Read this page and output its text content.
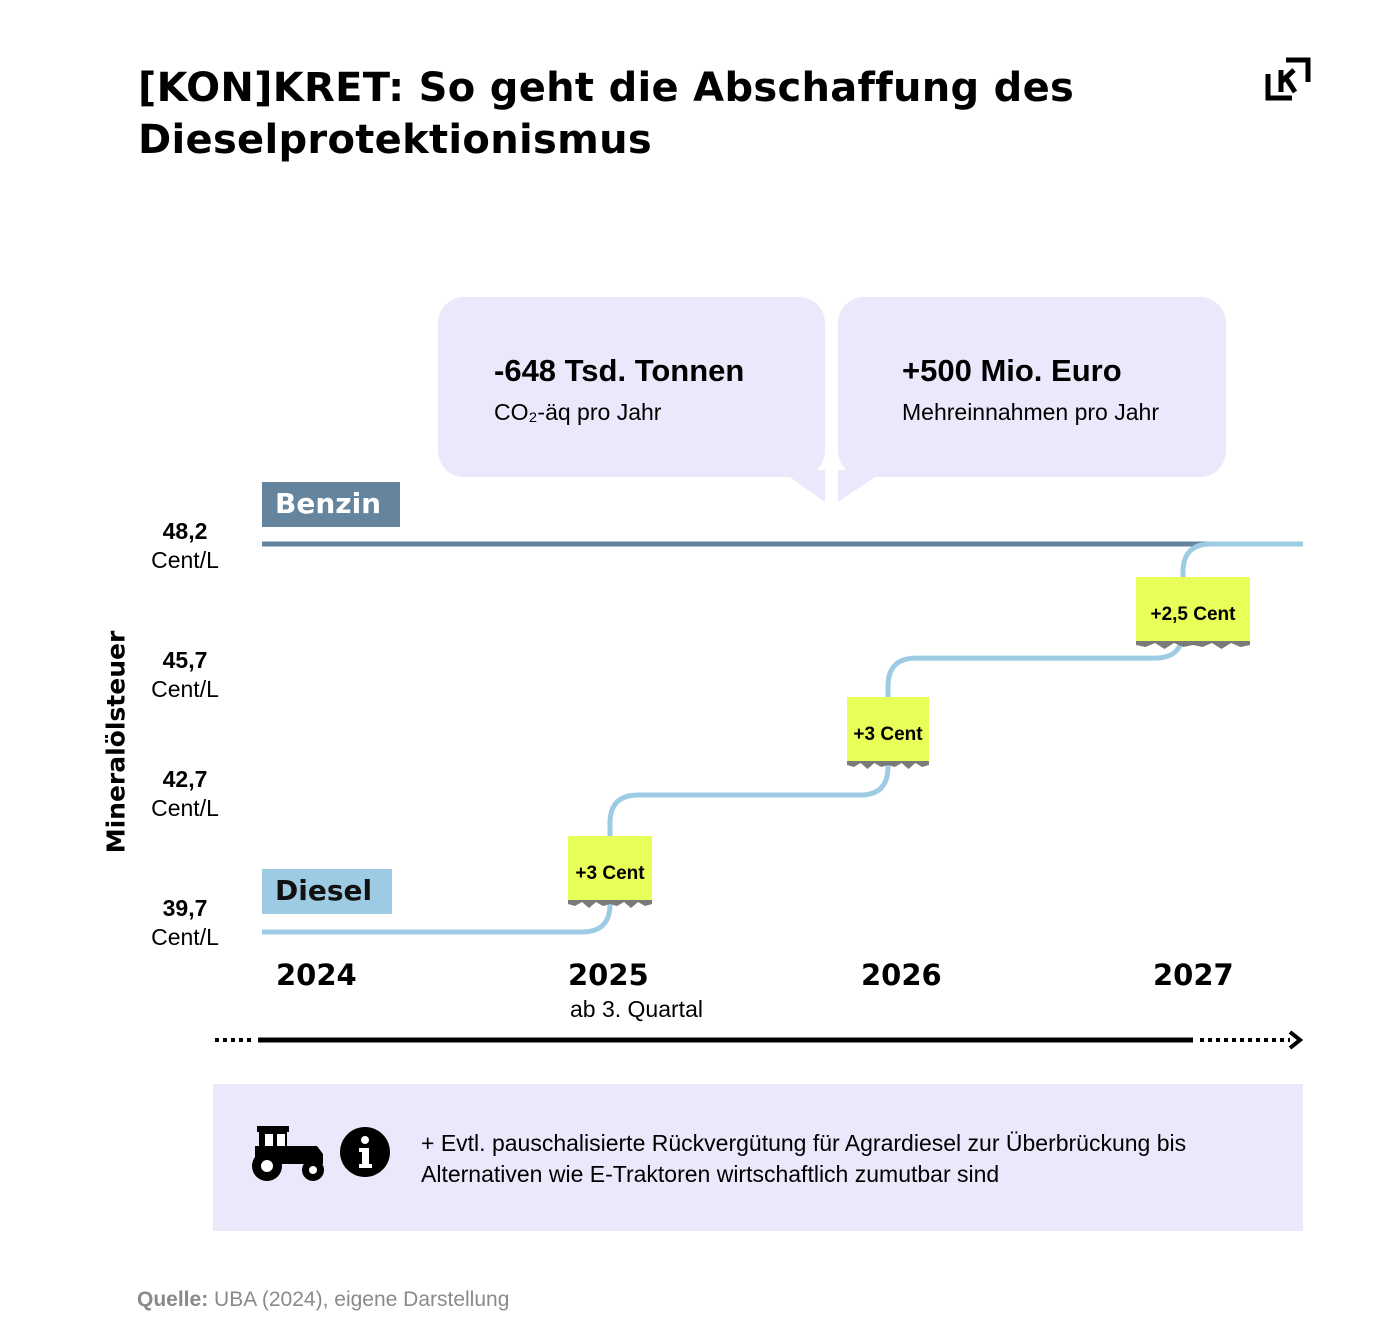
[KON]KRET: So geht die Abschaffung des Dieselprotektionismus
-648 Tsd. Tonnen
CO₂-äq pro Jahr
+500 Mio. Euro
Mehreinnahmen pro Jahr
Mineralölsteuer
48,2
Cent/L
45,7
Cent/L
42,7
Cent/L
39,7
Cent/L
+3 Cent
+3 Cent
+2,5 Cent
Benzin
Diesel
2024	2025	2026	2027
ab 3. Quartal
+ Evtl. pauschalisierte Rückvergütung für Agrardiesel zur Überbrückung bis Alternativen wie E-Traktoren wirtschaftlich zumutbar sind
Quelle: UBA (2024), eigene Darstellung
